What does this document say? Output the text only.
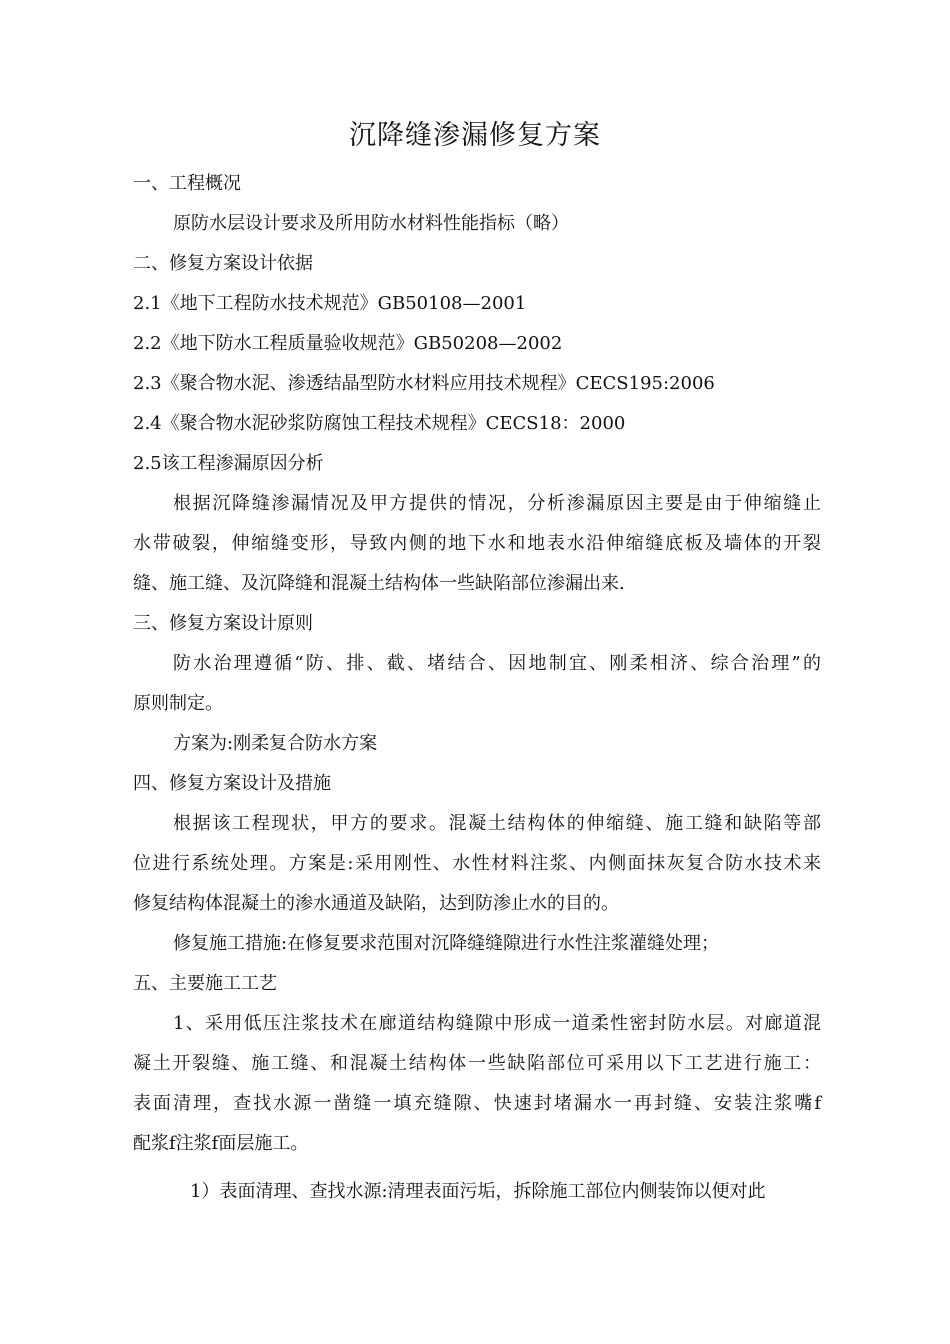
沉降缝渗漏修复方案
一、工程概况
原防水层设计要求及所用防水材料性能指标（略）
二、修复方案设计依据
2.1《地下工程防水技术规范》GB50108—2001
2.2《地下防水工程质量验收规范》GB50208—2002
2.3《聚合物水泥、渗透结晶型防水材料应用技术规程》CECS195:2006
2.4《聚合物水泥砂浆防腐蚀工程技术规程》CECS18：2000
2.5该工程渗漏原因分析
根据沉降缝渗漏情况及甲方提供的情况，分析渗漏原因主要是由于伸缩缝止
水带破裂，伸缩缝变形，导致内侧的地下水和地表水沿伸缩缝底板及墙体的开裂
缝、施工缝、及沉降缝和混凝土结构体一些缺陷部位渗漏出来.
三、修复方案设计原则
防水治理遵循“防、排、截、堵结合、因地制宜、刚柔相济、综合治理”的
原则制定。
方案为:刚柔复合防水方案
四、修复方案设计及措施
根据该工程现状，甲方的要求。混凝土结构体的伸缩缝、施工缝和缺陷等部
位进行系统处理。方案是:采用刚性、水性材料注浆、内侧面抹灰复合防水技术来
修复结构体混凝土的渗水通道及缺陷，达到防渗止水的目的。
修复施工措施:在修复要求范围对沉降缝缝隙进行水性注浆灌缝处理；
五、主要施工工艺
1、采用低压注浆技术在廊道结构缝隙中形成一道柔性密封防水层。对廊道混
凝土开裂缝、施工缝、和混凝土结构体一些缺陷部位可采用以下工艺进行施工：
表面清理，查找水源一凿缝一填充缝隙、快速封堵漏水一再封缝、安装注浆嘴f
配浆f注浆f面层施工。
1）表面清理、查找水源:清理表面污垢，拆除施工部位内侧装饰以便对此
